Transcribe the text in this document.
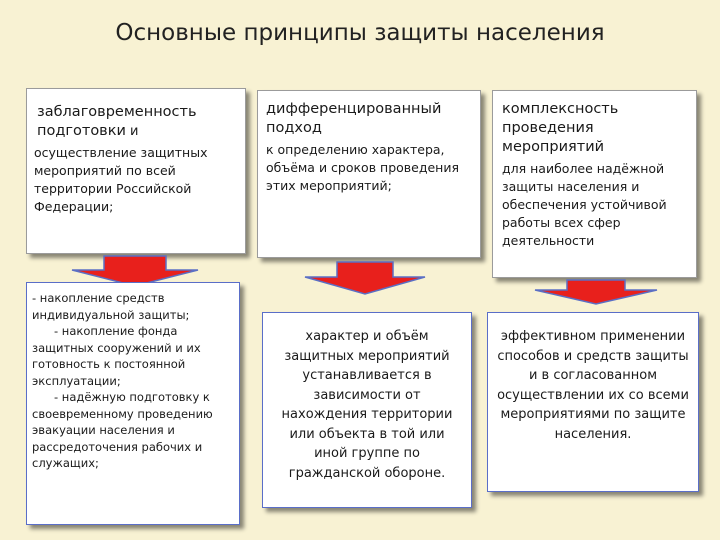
Основные принципы защиты населения
заблаговременность подготовки и
осуществление защитных мероприятий по всей территории Российской Федерации;
дифференцированный подход
к определению характера, объёма и сроков проведения этих мероприятий;
комплексность проведения мероприятий
для наиболее надёжной защиты населения и обеспечения устойчивой работы всех сфер деятельности
- накопление средств индивидуальной защиты;
- накопление фонда защитных сооружений и их готовность к постоянной эксплуатации;
- надёжную подготовку к своевременному проведению эвакуации населения и рассредоточения рабочих и служащих;
характер и объём защитных мероприятий устанавливается в зависимости от нахождения территории или объекта в той или иной группе по гражданской обороне.
эффективном применении способов и средств защиты и в согласованном осуществлении их со всеми мероприятиями по защите населения.
